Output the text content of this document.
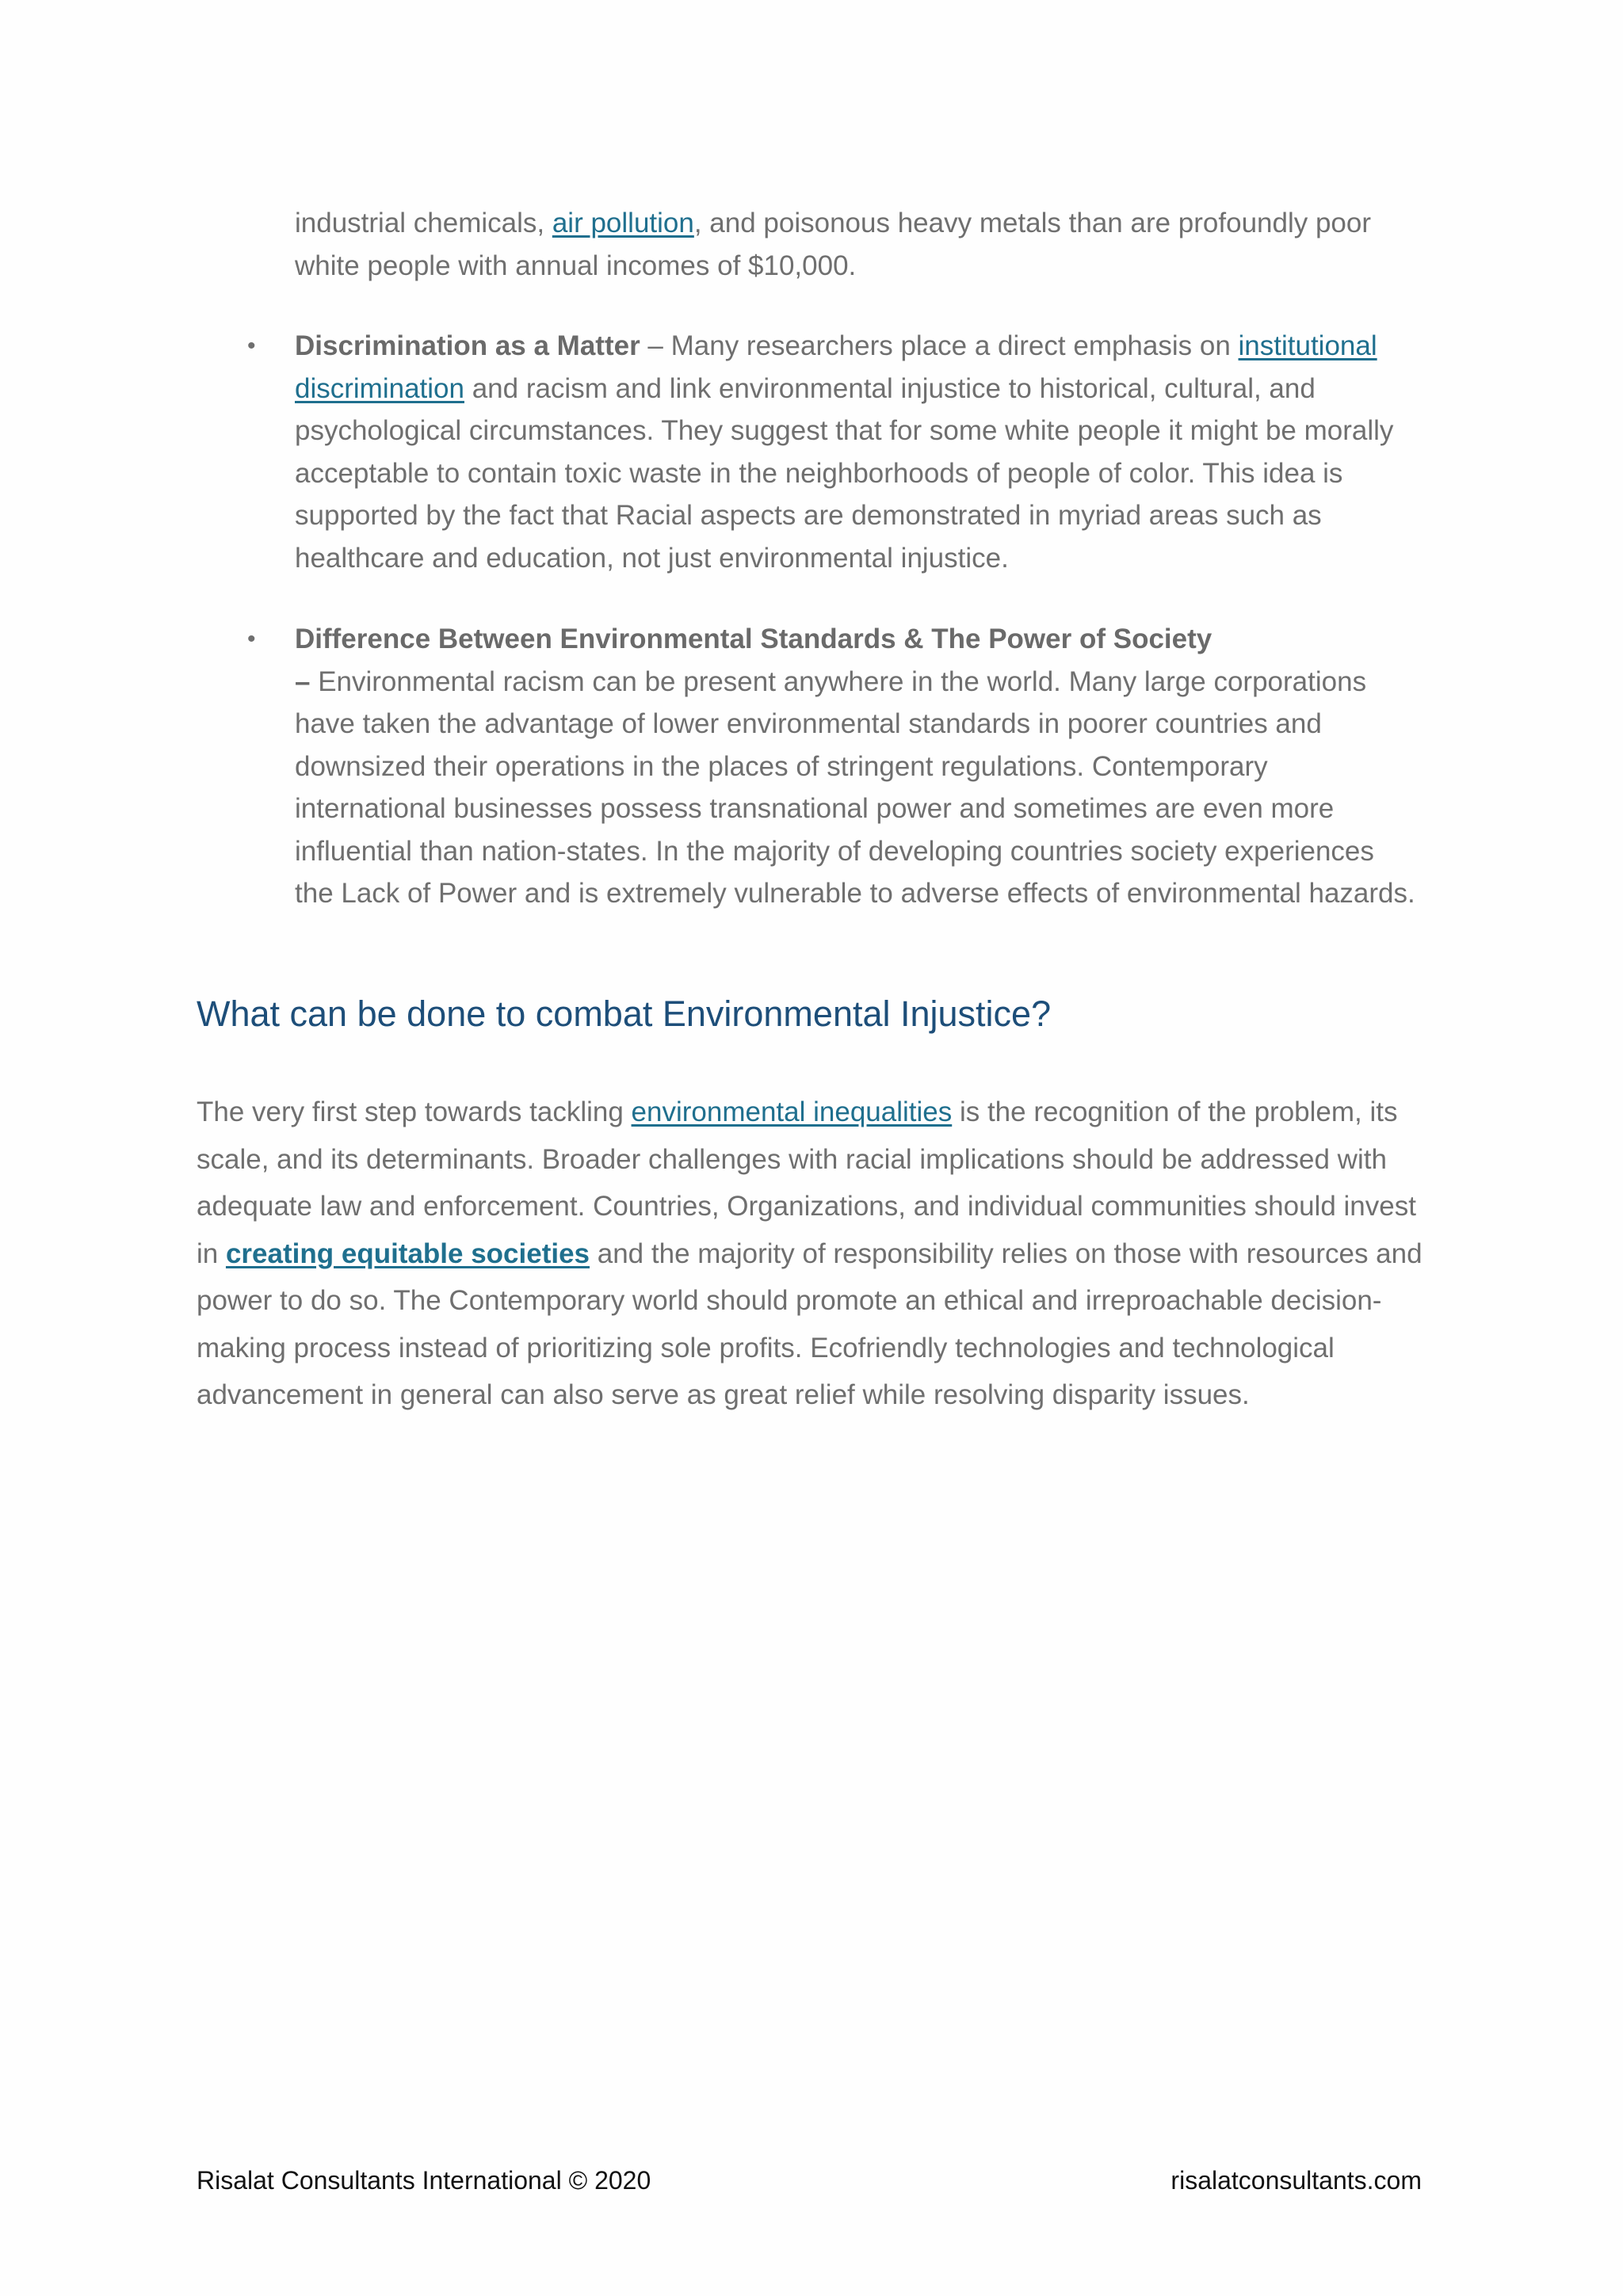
industrial chemicals, air pollution, and poisonous heavy metals than are profoundly poor white people with annual incomes of $10,000.
• Discrimination as a Matter – Many researchers place a direct emphasis on institutional discrimination and racism and link environmental injustice to historical, cultural, and psychological circumstances. They suggest that for some white people it might be morally acceptable to contain toxic waste in the neighborhoods of people of color. This idea is supported by the fact that Racial aspects are demonstrated in myriad areas such as healthcare and education, not just environmental injustice.
• Difference Between Environmental Standards & The Power of Society
– Environmental racism can be present anywhere in the world. Many large corporations have taken the advantage of lower environmental standards in poorer countries and downsized their operations in the places of stringent regulations. Contemporary international businesses possess transnational power and sometimes are even more influential than nation-states. In the majority of developing countries society experiences the Lack of Power and is extremely vulnerable to adverse effects of environmental hazards.
What can be done to combat Environmental Injustice?

The very first step towards tackling environmental inequalities is the recognition of the problem, its scale, and its determinants. Broader challenges with racial implications should be addressed with adequate law and enforcement. Countries, Organizations, and individual communities should invest in creating equitable societies and the majority of responsibility relies on those with resources and power to do so. The Contemporary world should promote an ethical and irreproachable decision-making process instead of prioritizing sole profits. Ecofriendly technologies and technological advancement in general can also serve as great relief while resolving disparity issues.

Risalat Consultants International © 2020	risalatconsultants.com
